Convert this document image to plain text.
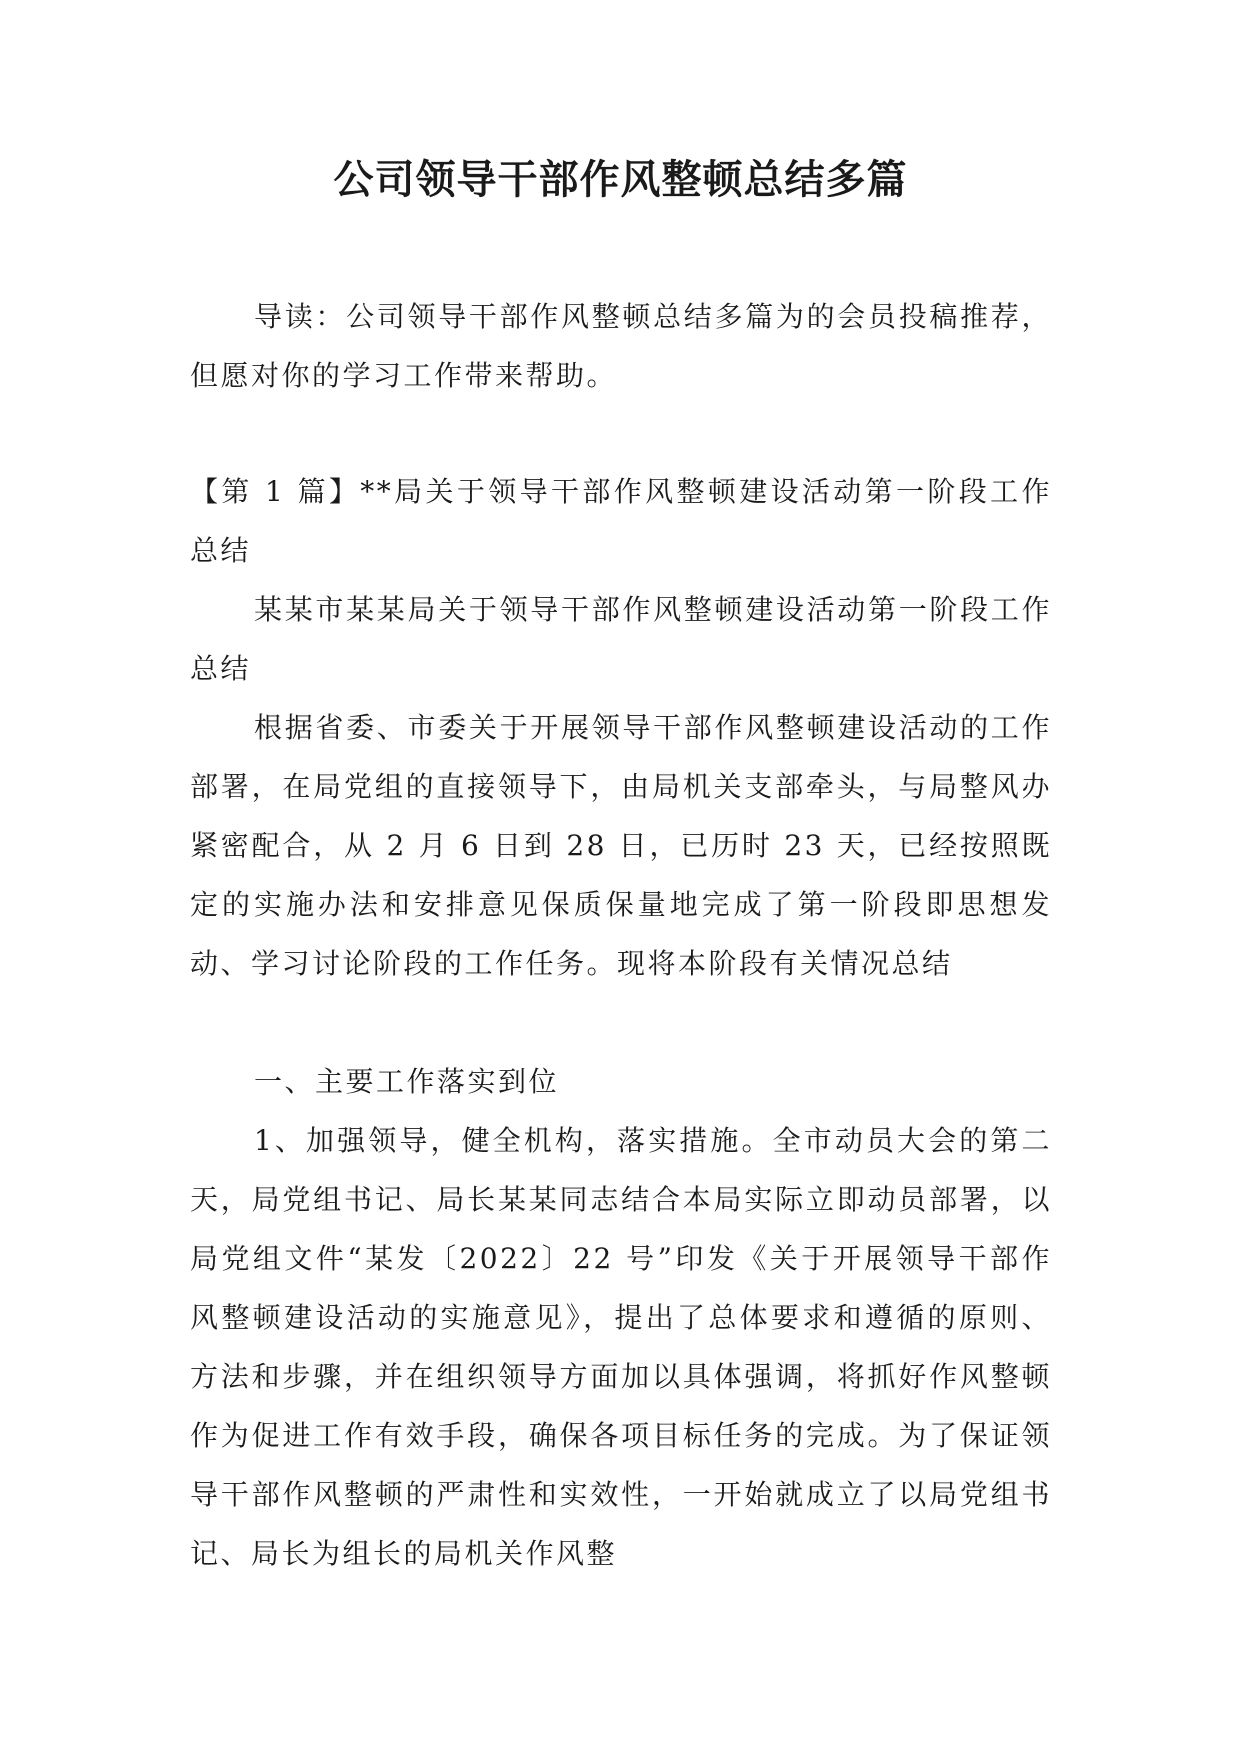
公司领导干部作风整顿总结多篇

导读：公司领导干部作风整顿总结多篇为的会员投稿推荐，但愿对你的学习工作带来帮助。

【第 1 篇】**局关于领导干部作风整顿建设活动第一阶段工作总结

某某市某某局关于领导干部作风整顿建设活动第一阶段工作总结

根据省委、市委关于开展领导干部作风整顿建设活动的工作部署，在局党组的直接领导下，由局机关支部牵头，与局整风办紧密配合，从 2 月 6 日到 28 日，已历时 23 天，已经按照既定的实施办法和安排意见保质保量地完成了第一阶段即思想发动、学习讨论阶段的工作任务。现将本阶段有关情况总结

一、主要工作落实到位

1、加强领导，健全机构，落实措施。全市动员大会的第二天，局党组书记、局长某某同志结合本局实际立即动员部署，以局党组文件“某发〔2022〕22 号”印发《关于开展领导干部作风整顿建设活动的实施意见》，提出了总体要求和遵循的原则、方法和步骤，并在组织领导方面加以具体强调，将抓好作风整顿作为促进工作有效手段，确保各项目标任务的完成。为了保证领导干部作风整顿的严肃性和实效性，一开始就成立了以局党组书记、局长为组长的局机关作风整
